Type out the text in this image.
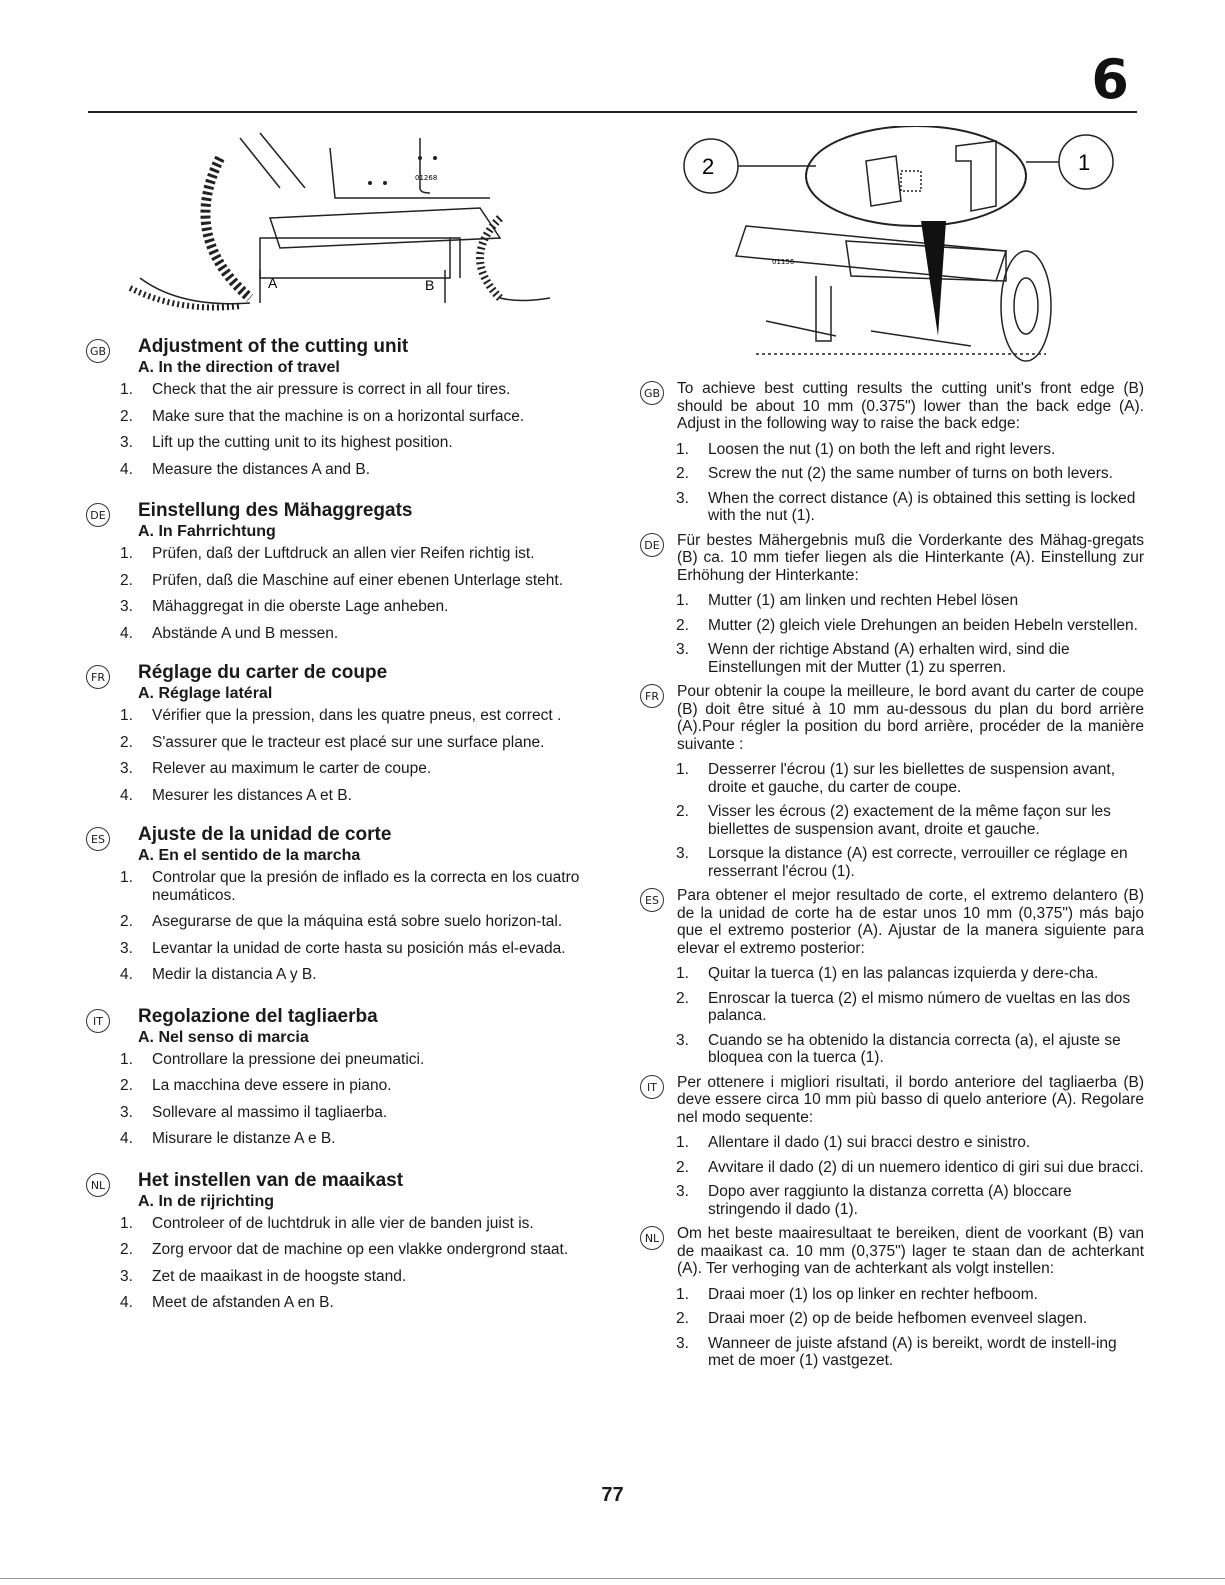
6
01268
A	B
2	1
01156
GB Adjustment of the cutting unit
A. In the direction of travel
1. Check that the air pressure is correct in all four tires.
2. Make sure that the machine is on a horizontal surface.
3. Lift up the cutting unit to its highest position.
4. Measure the distances A and B.
DE Einstellung des Mähaggregats
A. In Fahrrichtung
1. Prüfen, daß der Luftdruck an allen vier Reifen richtig ist.
2. Prüfen, daß die Maschine auf einer ebenen Unterlage steht.
3. Mähaggregat in die oberste Lage anheben.
4. Abstände A und B messen.
FR Réglage du carter de coupe
A. Réglage latéral
1. Vérifier que la pression, dans les quatre pneus, est correct .
2. S'assurer que le tracteur est placé sur une surface plane.
3. Relever au maximum le carter de coupe.
4. Mesurer les distances A et B.
ES Ajuste de la unidad de corte
A. En el sentido de la marcha
1. Controlar que la presión de inflado es la correcta en los cuatro neumáticos.
2. Asegurarse de que la máquina está sobre suelo horizon-tal.
3. Levantar la unidad de corte hasta su posición más el-evada.
4. Medir la distancia A y B.
IT	Regolazione del tagliaerba
A. Nel senso di marcia
1. Controllare la pressione dei pneumatici.
2. La macchina deve essere in piano.
3. Sollevare al massimo il tagliaerba.
4. Misurare le distanze A e B.
NL Het instellen van de maaikast
A. In de rijrichting
1. Controleer of de luchtdruk in alle vier de banden juist is.
2. Zorg ervoor dat de machine op een vlakke ondergrond staat.
3. Zet de maaikast in de hoogste stand.
4. Meet de afstanden A en B.
GB To achieve best cutting results the cutting unit's front edge (B) should be about 10 mm (0.375") lower than the back edge (A). Adjust in the following way to raise the back edge:
1. Loosen the nut (1) on both the left and right levers.
2. Screw the nut (2) the same number of turns on both levers.
3. When the correct distance (A) is obtained this setting is locked with the nut (1).
DE Für bestes Mähergebnis muß die Vorderkante des Mähag-gregats (B) ca. 10 mm tiefer liegen als die Hinterkante (A). Einstellung zur Erhöhung der Hinterkante:
1. Mutter (1) am linken und rechten Hebel lösen
2. Mutter (2) gleich viele Drehungen an beiden Hebeln verstellen.
3. Wenn der richtige Abstand (A) erhalten wird, sind die Einstellungen mit der Mutter (1) zu sperren.
FR	Pour obtenir la coupe la meilleure, le bord avant du carter de coupe (B) doit être situé à 10 mm au-dessous du plan du bord arrière (A).Pour régler la position du bord arrière, procéder de la manière suivante :
1. Desserrer l'écrou (1) sur les biellettes de suspension avant, droite et gauche, du carter de coupe.
2. Visser les écrous (2) exactement de la même façon sur les biellettes de suspension avant, droite et gauche.
3. Lorsque la distance (A) est correcte, verrouiller ce réglage en resserrant l'écrou (1).
ES	Para obtener el mejor resultado de corte, el extremo delantero (B) de la unidad de corte ha de estar unos 10 mm (0,375") más bajo que el extremo posterior (A). Ajustar de la manera siguiente para elevar el extremo posterior:
1. Quitar la tuerca (1) en las palancas izquierda y dere-cha.
2. Enroscar la tuerca (2) el mismo número de vueltas en las dos palanca.
3. Cuando se ha obtenido la distancia correcta (a), el ajuste se bloquea con la tuerca (1).
IT	Per ottenere i migliori risultati, il bordo anteriore del tagliaerba (B) deve essere circa 10 mm più basso di quelo anteriore (A). Regolare nel modo sequente:
1. Allentare il dado (1) sui bracci destro e sinistro.
2. Avvitare il dado (2) di un nuemero identico di giri sui due bracci.
3. Dopo aver raggiunto la distanza corretta (A) bloccare stringendo il dado (1).
NL	Om het beste maairesultaat te bereiken, dient de voorkant (B) van de maaikast ca. 10 mm (0,375") lager te staan dan de achterkant (A). Ter verhoging van de achterkant als volgt instellen:
1. Draai moer (1) los op linker en rechter hefboom.
2. Draai moer (2) op de beide hefbomen evenveel slagen.
3. Wanneer de juiste afstand (A) is bereikt, wordt de instell-ing met de moer (1) vastgezet.
77
